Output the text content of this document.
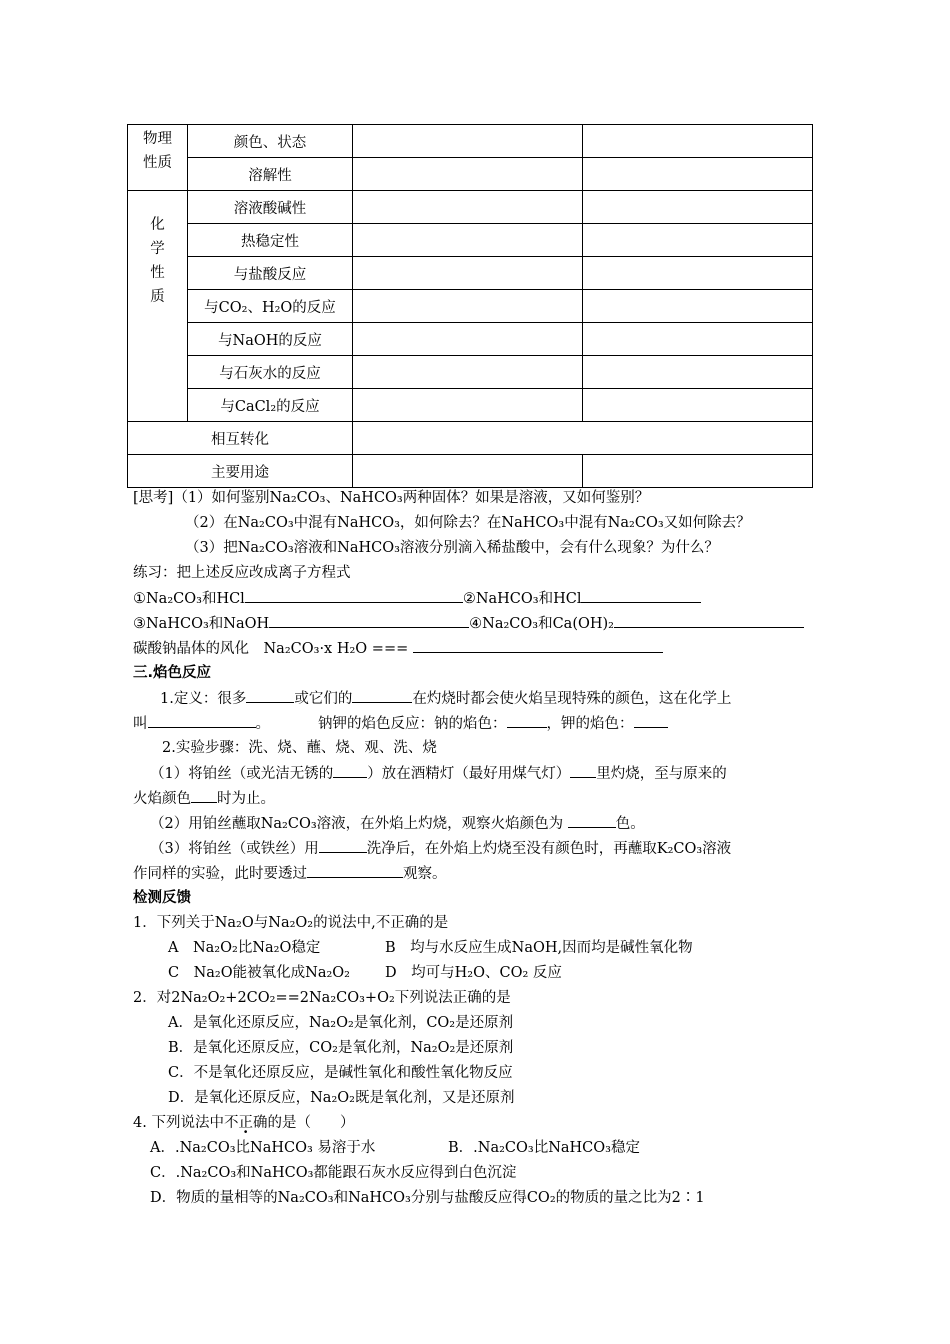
物理
性质	颜色、状态		
	溶解性		

化
学
性
质	溶液酸碱性		
	热稳定性		
	与盐酸反应		
	与CO₂、H₂O的反应		
	与NaOH的反应		
	与石灰水的反应		
	与CaCl₂的反应		
相互转化			
主要用途			
[思考]（1）如何鉴别Na₂CO₃、NaHCO₃两种固体？如果是溶液，又如何鉴别？
（2）在Na₂CO₃中混有NaHCO₃，如何除去？在NaHCO₃中混有Na₂CO₃又如何除去？
（3）把Na₂CO₃溶液和NaHCO₃溶液分别滴入稀盐酸中，会有什么现象？为什么？
练习：把上述反应改成离子方程式
①Na₂CO₃和HCl	②NaHCO₃和HCl
③NaHCO₃和NaOH	④Na₂CO₃和Ca(OH)₂
碳酸钠晶体的风化　Na₂CO₃·x H₂O ===
三.焰色反应
1.定义：很多	或它们的	在灼烧时都会使火焰呈现特殊的颜色，这在化学上
叫	。	钠钾的焰色反应：钠的焰色：	，钾的焰色：
2.实验步骤：洗、烧、蘸、烧、观、洗、烧
（1）将铂丝（或光洁无锈的 ）放在酒精灯（最好用煤气灯） 里灼烧，至与原来的
火焰颜色 时为止。
（2）用铂丝蘸取Na₂CO₃溶液，在外焰上灼烧，观察火焰颜色为	色。
（3）将铂丝（或铁丝）用	洗净后，在外焰上灼烧至没有颜色时，再蘸取K₂CO₃溶液
作同样的实验，此时要透过	观察。
检测反馈
1．下列关于Na₂O与Na₂O₂的说法中,不正确的是
A　Na₂O₂比Na₂O稳定	B　均与水反应生成NaOH,因而均是碱性氧化物
C　Na₂O能被氧化成Na₂O₂ D　均可与H₂O、CO₂ 反应
2．对2Na₂O₂+2CO₂==2Na₂CO₃+O₂下列说法正确的是
A．是氧化还原反应，Na₂O₂是氧化剂，CO₂是还原剂
B．是氧化还原反应，CO₂是氧化剂，Na₂O₂是还原剂
C．不是氧化还原反应，是碱性氧化和酸性氧化物反应
D．是氧化还原反应，Na₂O₂既是氧化剂，又是还原剂
4. 下列说法中不正确的是（　　）
A．.Na₂CO₃比NaHCO₃ 易溶于水	B．.Na₂CO₃比NaHCO₃稳定
C．.Na₂CO₃和NaHCO₃都能跟石灰水反应得到白色沉淀
D．物质的量相等的Na₂CO₃和NaHCO₃分别与盐酸反应得CO₂的物质的量之比为2∶1
